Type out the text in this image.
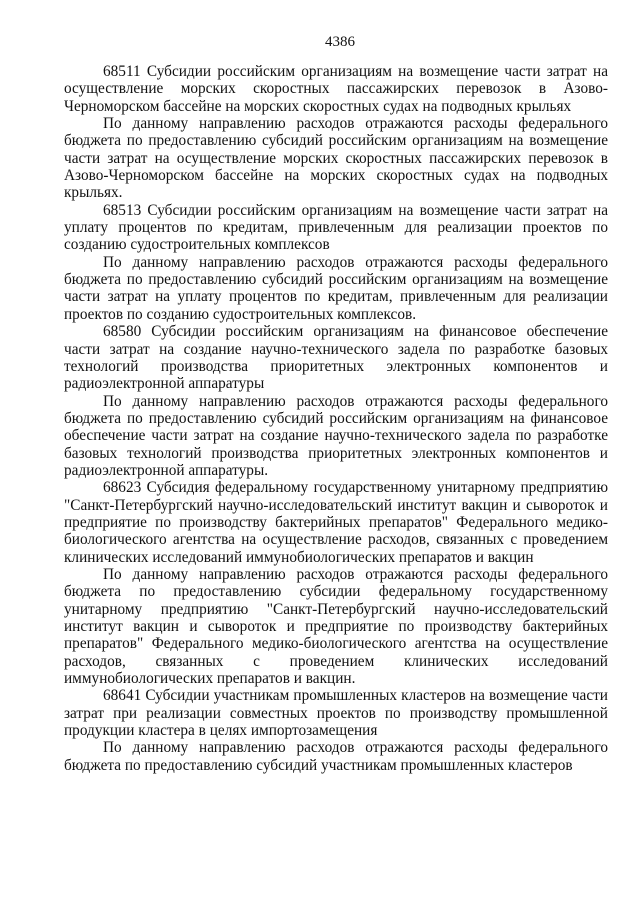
4386

68511 Субсидии российским организациям на возмещение части затрат на осуществление морских скоростных пассажирских перевозок в Азово-Черноморском бассейне на морских скоростных судах на подводных крыльях

По данному направлению расходов отражаются расходы федерального бюджета по предоставлению субсидий российским организациям на возмещение части затрат на осуществление морских скоростных пассажирских перевозок в Азово-Черноморском бассейне на морских скоростных судах на подводных крыльях.

68513 Субсидии российским организациям на возмещение части затрат на уплату процентов по кредитам, привлеченным для реализации проектов по созданию судостроительных комплексов

По данному направлению расходов отражаются расходы федерального бюджета по предоставлению субсидий российским организациям на возмещение части затрат на уплату процентов по кредитам, привлеченным для реализации проектов по созданию судостроительных комплексов.

68580 Субсидии российским организациям на финансовое обеспечение части затрат на создание научно-технического задела по разработке базовых технологий производства приоритетных электронных компонентов и радиоэлектронной аппаратуры

По данному направлению расходов отражаются расходы федерального бюджета по предоставлению субсидий российским организациям на финансовое обеспечение части затрат на создание научно-технического задела по разработке базовых технологий производства приоритетных электронных компонентов и радиоэлектронной аппаратуры.

68623 Субсидия федеральному государственному унитарному предприятию "Санкт-Петербургский научно-исследовательский институт вакцин и сывороток и предприятие по производству бактерийных препаратов" Федерального медико-биологического агентства на осуществление расходов, связанных с проведением клинических исследований иммунобиологических препаратов и вакцин

По данному направлению расходов отражаются расходы федерального бюджета по предоставлению субсидии федеральному государственному унитарному предприятию "Санкт-Петербургский научно-исследовательский институт вакцин и сывороток и предприятие по производству бактерийных препаратов" Федерального медико-биологического агентства на осуществление расходов, связанных с проведением клинических исследований иммунобиологических препаратов и вакцин.

68641 Субсидии участникам промышленных кластеров на возмещение части затрат при реализации совместных проектов по производству промышленной продукции кластера в целях импортозамещения

По данному направлению расходов отражаются расходы федерального бюджета по предоставлению субсидий участникам промышленных кластеров
